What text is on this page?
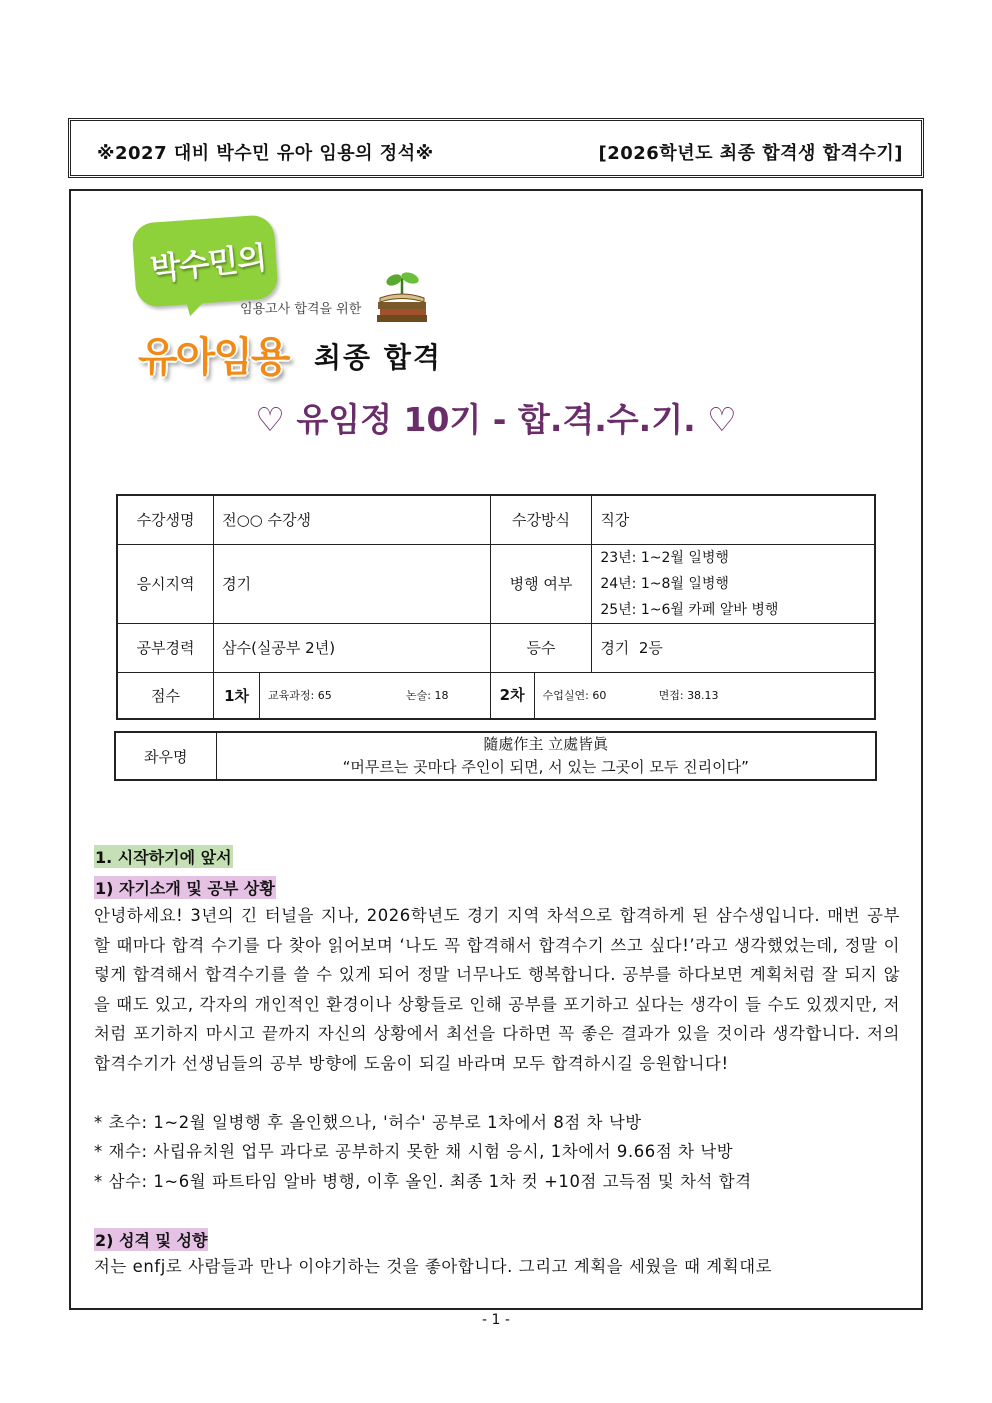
※2027 대비 박수민 유아 임용의 정석※	[2026학년도 최종 합격생 합격수기]
박수민의
임용고사 합격을 위한
유아임용 최종 합격
♡ 유임정 10기 - 합.격.수.기. ♡
수강생명	전○○ 수강생		수강방식	직강
응시지역	경기		병행 여부	23년: 1~2월 일병행
24년: 1~8월 일병행
25년: 1~6월 카페 알바 병행

공부경력	삼수(실공부 2년)		등수	경기  2등
점수	1차	교육과정: 65 논술: 18	2차 수업실연: 60 면접: 38.13	
좌우명	
隨處作主 立處皆眞
“머무르는 곳마다 주인이 되면, 서 있는 그곳이 모두 진리이다”
1. 시작하기에 앞서
1) 자기소개 및 공부 상황
안녕하세요! 3년의 긴 터널을 지나, 2026학년도 경기 지역 차석으로 합격하게 된 삼수생입니다. 매번 공부할 때마다 합격 수기를 다 찾아 읽어보며 ‘나도 꼭 합격해서 합격수기 쓰고 싶다!’라고 생각했었는데, 정말 이렇게 합격해서 합격수기를 쓸 수 있게 되어 정말 너무나도 행복합니다. 공부를 하다보면 계획처럼 잘 되지 않을 때도 있고, 각자의 개인적인 환경이나 상황들로 인해 공부를 포기하고 싶다는 생각이 들 수도 있겠지만, 저처럼 포기하지 마시고 끝까지 자신의 상황에서 최선을 다하면 꼭 좋은 결과가 있을 것이라 생각합니다. 저의 합격수기가 선생님들의 공부 방향에 도움이 되길 바라며 모두 합격하시길 응원합니다!
* 초수: 1~2월 일병행 후 올인했으나, '허수' 공부로 1차에서 8점 차 낙방
* 재수: 사립유치원 업무 과다로 공부하지 못한 채 시험 응시, 1차에서 9.66점 차 낙방
* 삼수: 1~6월 파트타임 알바 병행, 이후 올인. 최종 1차 컷 +10점 고득점 및 차석 합격
2) 성격 및 성향
저는 enfj로 사람들과 만나 이야기하는 것을 좋아합니다. 그리고 계획을 세웠을 때 계획대로
- 1 -
